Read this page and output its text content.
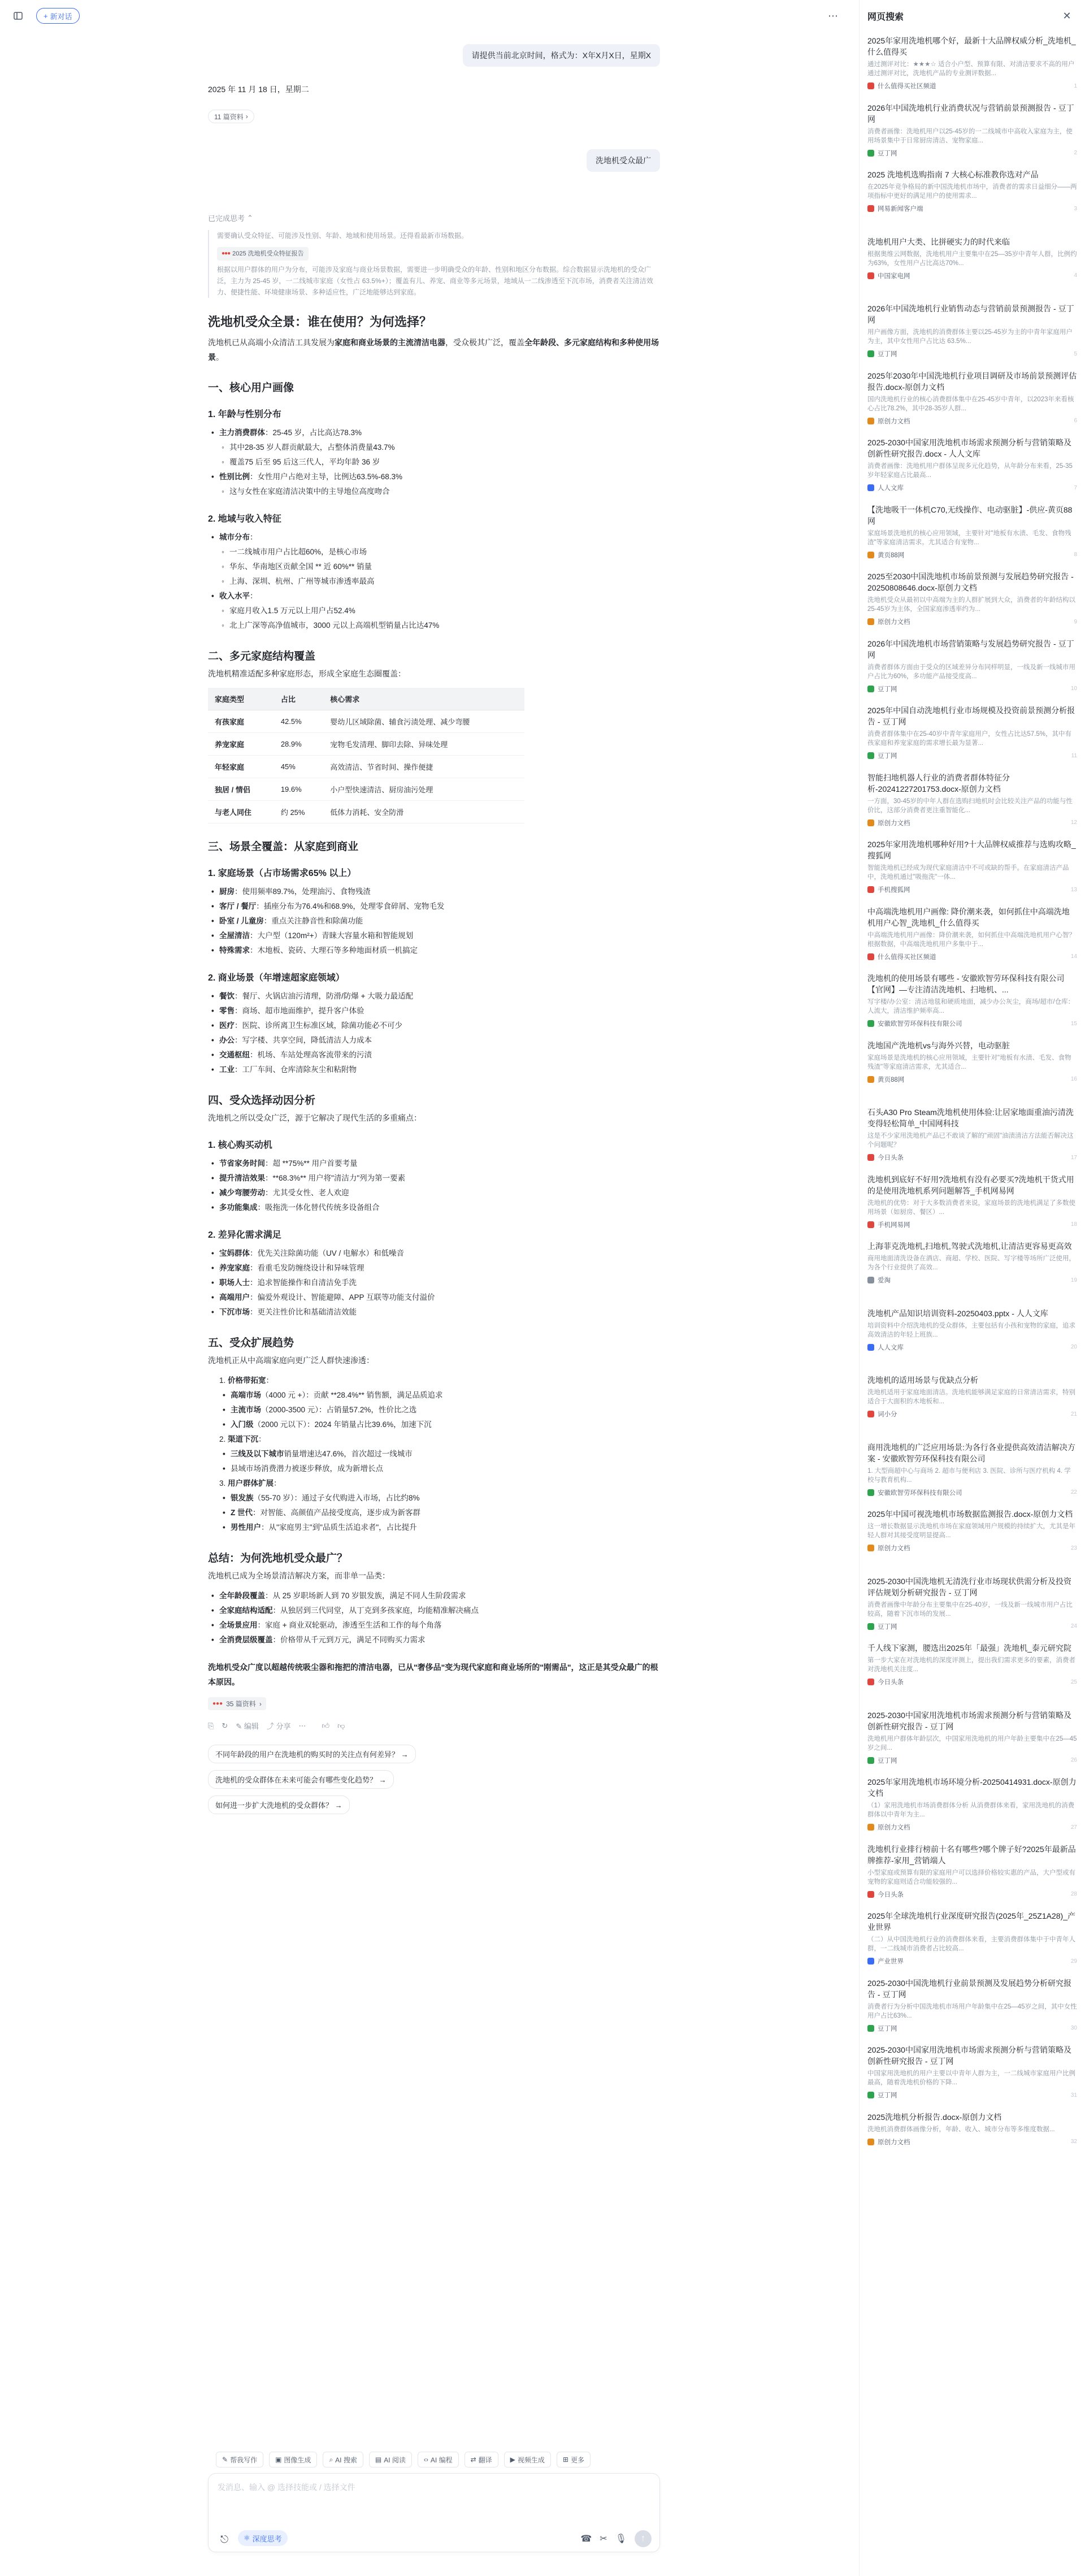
+ 新对话	⋯
请提供当前北京时间，格式为：X年X月X日，星期X
2025 年 11 月 18 日，星期二
11 篇资料 ›
洗地机受众最广
已完成思考 ⌃
需要确认受众特征、可能涉及性别、年龄、地域和使用场景。还得看最新市场数据。
●●● 2025 洗地机受众特征报告
根据以用户群体的用户为分布，可能涉及家庭与商业场景数据，需要进一步明确受众的年龄、性别和地区分布数据。综合数据显示洗地机的受众广泛，主力为 25-45 岁，一二线城市家庭（女性占 63.5%+）；覆盖有儿、养宠、商业等多元场景，地域从一二线渗透至下沉市场，消费者关注清洁效力、便捷性能、环境健康场景、多种适应性，广泛地能够达到家庭。
洗地机受众全景：谁在使用？为何选择？

洗地机已从高端小众清洁工具发展为家庭和商业场景的主流清洁电器，受众极其广泛，覆盖全年龄段、多元家庭结构和多种使用场景。

一、核心用户画像
1. 年龄与性别分布
• 主力消费群体：25-45 岁，占比高达78.3%
◦ 其中28-35 岁人群贡献最大，占整体消费量43.7%
◦ 覆盖75 后至 95 后这三代人，平均年龄 36 岁
• 性别比例：女性用户占绝对主导，比例达63.5%-68.3%
◦ 这与女性在家庭清洁决策中的主导地位高度吻合
2. 地域与收入特征
• 城市分布：
◦ 一二线城市用户占比超60%，是核心市场
◦ 华东、华南地区贡献全国 ** 近 60%** 销量
◦ 上海、深圳、杭州、广州等城市渗透率最高
• 收入水平：
◦ 家庭月收入1.5 万元以上用户占52.4%
◦ 北上广深等高净值城市，3000 元以上高端机型销量占比达47%
二、多元家庭结构覆盖

洗地机精准适配多种家庭形态，形成全家庭生态圈覆盖：

家庭类型	占比	核心需求
有孩家庭	42.5%	婴幼儿区域除菌、辅食污渍处理、减少弯腰
养宠家庭	28.9%	宠物毛发清理、脚印去除、异味处理
年轻家庭	45%	高效清洁、节省时间、操作便捷
独居 / 情侣	19.6%	小户型快速清洁、厨房油污处理
与老人同住	约 25%	低体力消耗、安全防滑
三、场景全覆盖：从家庭到商业
1. 家庭场景（占市场需求65% 以上）
• 厨房：使用频率89.7%，处理油污、食物残渣
• 客厅 / 餐厅：插座分布为76.4%和68.9%，处理零食碎屑、宠物毛发
• 卧室 / 儿童房：重点关注静音性和除菌功能
• 全屋清洁：大户型（120m²+）青睐大容量水箱和智能规划
• 特殊需求：木地板、瓷砖、大理石等多种地面材质一机搞定
2. 商业场景（年增速超家庭领域）
• 餐饮：餐厅、火锅店油污清理，防滑/防爆 + 大吸力最适配
• 零售：商场、超市地面维护，提升客户体验
• 医疗：医院、诊所离卫生标准区域，除菌功能必不可少
• 办公：写字楼、共享空间，降低清洁人力成本
• 交通枢纽：机场、车站处理高客流带来的污渍
• 工业：工厂车间、仓库清除灰尘和粘附物
四、受众选择动因分析

洗地机之所以受众广泛，源于它解决了现代生活的多重痛点：

1. 核心购买动机
• 节省家务时间：超 **75%** 用户首要考量
• 提升清洁效果：**68.3%** 用户将"清洁力"列为第一要素
• 减少弯腰劳动：尤其受女性、老人欢迎
• 多功能集成：吸拖洗一体化替代传统多设备组合
2. 差异化需求满足
• 宝妈群体：优先关注除菌功能（UV / 电解水）和低噪音
• 养宠家庭：看重毛发防缠绕设计和异味管理
• 职场人士：追求智能操作和自清洁免手洗
• 高端用户：偏爱外观设计、智能避障、APP 互联等功能支付溢价
• 下沉市场：更关注性价比和基础清洁效能
五、受众扩展趋势

洗地机正从中高端家庭向更广泛人群快速渗透：

1. 价格带拓宽：
• 高端市场（4000 元 +）：贡献 **28.4%** 销售额，满足品质追求
• 主流市场（2000-3500 元）：占销量57.2%，性价比之选
• 入门级（2000 元以下）：2024 年销量占比39.6%，加速下沉
2. 渠道下沉：
• 三线及以下城市销量增速达47.6%，首次超过一线城市
• 县域市场消费潜力被逐步释放，成为新增长点
3. 用户群体扩展：
• 银发族（55-70 岁）：通过子女代购进入市场，占比约8%
• Z 世代：对智能、高颜值产品接受度高，逐步成为新客群
• 男性用户：从"家庭男主"到"品质生活追求者"，占比提升
总结：为何洗地机受众最广？

洗地机已成为全场景清洁解决方案，而非单一品类：

• 全年龄段覆盖：从 25 岁职场新人到 70 岁银发族，满足不同人生阶段需求
• 全家庭结构适配：从独居到三代同堂，从丁克到多孩家庭，均能精准解决痛点
• 全场景应用：家庭 + 商业双轮驱动，渗透至生活和工作的每个角落
• 全消费层级覆盖：价格带从千元到万元，满足不同购买力需求

洗地机受众广度以超越传统吸尘器和拖把的清洁电器，已从"奢侈品"变为现代家庭和商业场所的"刚需品"，这正是其受众最广的根本原因。

●●● 35 篇资料 ›
⎘ ↻ ✎ 编辑 ⤴ 分享 ⋯ 👍︎ 👎︎
不同年龄段的用户在洗地机的购买时的关注点有何差异？ →
洗地机的受众群体在未来可能会有哪些变化趋势？ →
如何进一步扩大洗地机的受众群体？ →
✎ 帮我写作	▣ 图像生成	⌕ AI 搜索	▤ AI 阅读	‹› AI 编程	⇄ 翻译	▶ 视频生成	⊞ 更多
发消息、输入 @ 选择技能或 / 选择文件
⎋	⚛ 深度思考	☎ ✂ 🎙︎ ↑
网页搜索	✕
2025年家用洗地机哪个好，最新十大品牌权威分析_洗地机_什么值得买
通过测评对比：★★★☆ 适合小户型、预算有限、对清洁要求不高的用户 通过测评对比，洗地机产品的专业测评数据...
什么值得买社区频道	1
2026年中国洗地机行业消费状况与营销前景预测报告 - 豆丁网
消费者画像：洗地机用户以25-45岁的一二线城市中高收入家庭为主，使用场景集中于日常厨房清洁、宠物家庭...
豆丁网	2
2025 洗地机选购指南 7 大核心标准教你选对产品
在2025年竞争格局的新中国洗地机市场中，消费者的需求日益细分——两项指标中更好的满足用户的使用需求...
网易新闻客户端	3
洗地机用户大类、比拼硬实力的时代来临
根据奥维云网数据，洗地机用户主要集中在25—35岁中青年人群，比例约为63%，女性用户占比高达70%...
中国家电网	4
2026年中国洗地机行业销售动态与营销前景预测报告 - 豆丁网
用户画像方面，洗地机的消费群体主要以25-45岁为主的中青年家庭用户为主，其中女性用户占比达 63.5%...
豆丁网	5
2025年2030年中国洗地机行业项目调研及市场前景预测评估报告.docx-原创力文档
国内洗地机行业的核心消费群体集中在25-45岁中青年，以2023年来看核心占比78.2%，其中28-35岁人群...
原创力文档	6
2025-2030中国家用洗地机市场需求预测分析与营销策略及创新性研究报告.docx - 人人文库
消费者画像：洗地机用户群体呈现多元化趋势，从年龄分布来看，25-35岁年轻家庭占比最高...
人人文库	7
【洗地吸干一体机C70,无线操作、电动驱脏】-供应-黄页88网
家庭场景洗地机的核心应用领域，主要针对"地板有水渍、毛发、食物残渣"等家庭清洁需求。尤其适合有宠物...
黄页88网	8
2025至2030中国洗地机市场前景预测与发展趋势研究报告 - 20250808646.docx-原创力文档
洗地机受众从最初以中高端为主的人群扩展到大众，消费者的年龄结构以25-45岁为主体，全国家庭渗透率约为...
原创力文档	9
2026年中国洗地机市场营销策略与发展趋势研究报告 - 豆丁网
消费者群体方面由于受众的区域差异分布同样明显，一线及新一线城市用户占比为60%，多功能产品接受度高...
豆丁网	10
2025年中国自动洗地机行业市场规模及投资前景预测分析报告 - 豆丁网
消费者群体集中在25-40岁中青年家庭用户，女性占比达57.5%，其中有孩家庭和养宠家庭的需求增长最为显著...
豆丁网	11
智能扫地机器人行业的消费者群体特征分析-20241227201753.docx-原创力文档
一方面，30-45岁的中年人群在选购扫地机时会比较关注产品的功能与性价比，这部分消费者更注重智能化...
原创力文档	12
2025年家用洗地机哪种好用?十大品牌权威推荐与选购攻略_搜狐网
智能洗地机已经成为现代家庭清洁中不可或缺的帮手。在家庭清洁产品中，洗地机通过"吸拖洗"一体...
手机搜狐网	13
中高端洗地机用户画像: 降价潮来袭，如何抓住中高端洗地机用户心智_洗地机_什么值得买
中高端洗地机用户画像：降价潮来袭，如何抓住中高端洗地机用户心智？根据数据，中高端洗地机用户多集中于...
什么值得买社区频道	14
洗地机的使用场景有哪些 - 安徽欧智劳环保科技有限公司【官网】—专注清洁洗地机、扫地机、...
写字楼/办公室：清洁地毯和硬质地面，减少办公灰尘，商场/超市/仓库：人流大，清洁维护频率高...
安徽欧智劳环保科技有限公司	15
洗地国产洗地机vs与海外兴替，电动驱脏
家庭场景是洗地机的核心应用领域，主要针对"地板有水渍、毛发、食物残渣"等家庭清洁需求，尤其适合...
黄页88网	16
石头A30 Pro Steam洗地机使用体验:让居家地面重油污清洗变得轻松简单_中国网科技
这是不少家用洗地机产品已不敢谈了解的"顽固"油渍清洁方法能否解决这个问题呢？
今日头条	17
洗地机到底好不好用?洗地机有没有必要买?洗地机干货式用的是使用洗地机系列问题解答_手机网易网
洗地机的优势：对于大多数消费者来说，家庭场景的洗地机满足了多数使用场景（如厨房、餐区）...
手机网易网	18
上海菲克洗地机,扫地机,驾驶式洗地机,让清洁更容易更高效
商用地面清洗设备在酒店、商超、学校、医院、写字楼等场所广泛使用，为各个行业提供了高效...
爱淘	19
洗地机产品知识培训资料-20250403.pptx - 人人文库
培训资料中介绍洗地机的受众群体，主要包括有小孩和宠物的家庭，追求高效清洁的年轻上班族...
人人文库	20
洗地机的适用场景与优缺点分析
洗地机适用于家庭地面清洁。洗地机能够满足家庭的日常清洁需求，特别适合于大面积的木地板和...
词小分	21
商用洗地机的广泛应用场景:为各行各业提供高效清洁解决方案 - 安徽欧智劳环保科技有限公司
1. 大型商超中心与商场 2. 超市与便利店 3. 医院、诊所与医疗机构 4. 学校与教育机构...
安徽欧智劳环保科技有限公司	22
2025年中国可视洗地机市场数据监测报告.docx-原创力文档
这一增长数据显示洗地机市场在家庭领域用户规模的持续扩大，尤其是年轻人群对其接受度明显提高...
原创力文档	23
2025-2030中国洗地机无清洗行业市场现状供需分析及投资评估规划分析研究报告 - 豆丁网
消费者画像中年龄分布主要集中在25-40岁，一线及新一线城市用户占比较高，随着下沉市场的发展...
豆丁网	24
千人线下家测，腰选出2025年「最强」洗地机_泰元研究院
第一步大家在对洗地机的深度评测上，提出我们需求更多的要素，消费者对洗地机关注度...
今日头条	25
2025-2030中国家用洗地机市场需求预测分析与营销策略及创新性研究报告 - 豆丁网
洗地机用户群体年龄层次，中国家用洗地机的用户年龄主要集中在25—45岁之间...
豆丁网	26
2025年家用洗地机市场环境分析-20250414931.docx-原创力文档
（1）家用洗地机市场消费群体分析 从消费群体来看，家用洗地机的消费群体以中青年为主...
原创力文档	27
洗地机行业排行榜前十名有哪些?哪个牌子好?2025年最新品牌推荐-家用_营销端人
小型家庭或预算有限的家庭用户可以选择价格较实惠的产品，大户型或有宠物的家庭则适合功能较强的...
今日头条	28
2025年全球洗地机行业深度研究报告(2025年_25Z1A28)_产业世界
（二）从中国洗地机行业的消费群体来看，主要消费群体集中于中青年人群，一二线城市消费者占比较高...
产业世界	29
2025-2030中国洗地机行业前景预测及发展趋势分析研究报告 - 豆丁网
消费者行为分析中国洗地机市场用户年龄集中在25—45岁之间，其中女性用户占比63%...
豆丁网	30
2025-2030中国家用洗地机市场需求预测分析与营销策略及创新性研究报告 - 豆丁网
中国家用洗地机的用户主要以中青年人群为主，一二线城市家庭用户比例最高，随着洗地机价格的下降...
豆丁网	31
2025洗地机分析报告.docx-原创力文档
洗地机消费群体画像分析，年龄、收入、城市分布等多维度数据...
原创力文档	32
